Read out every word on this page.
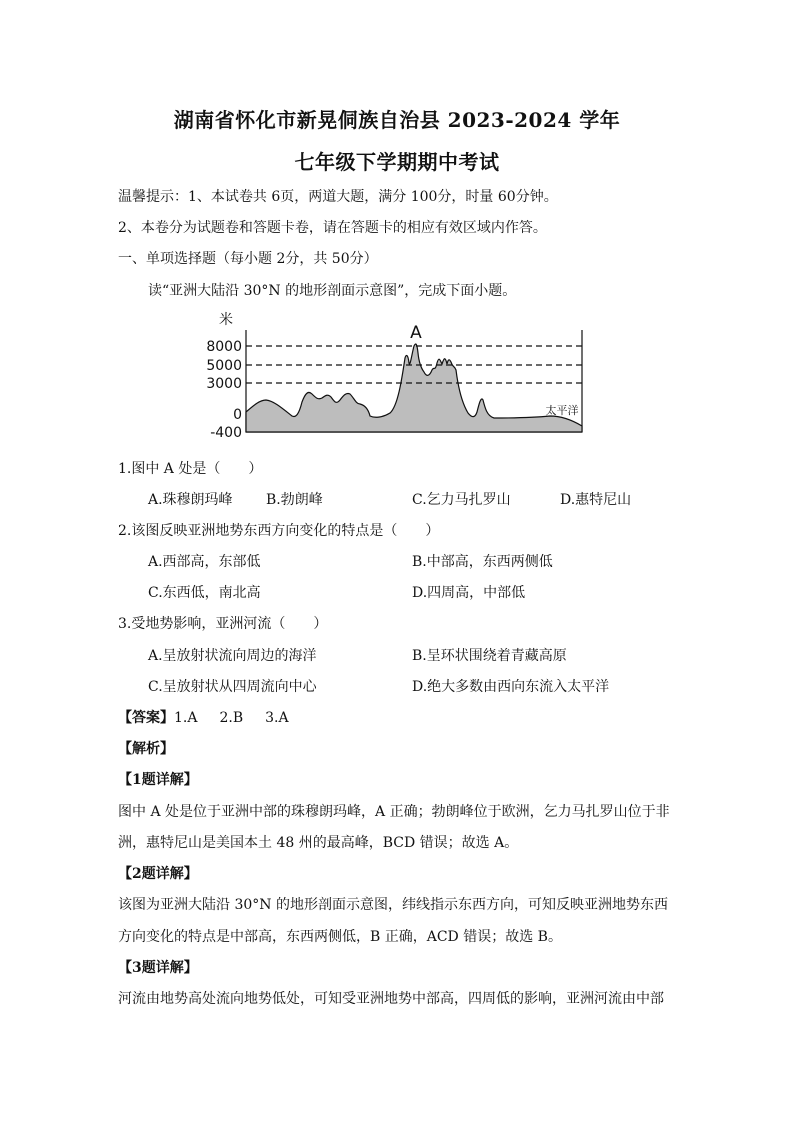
湖南省怀化市新晃侗族自治县 2023-2024 学年
七年级下学期期中考试
温馨提示：1、本试卷共 6页，两道大题，满分 100分，时量 60分钟。
2、本卷分为试题卷和答题卡卷，请在答题卡的相应有效区域内作答。
一、单项选择题（每小题 2分，共 50分）
读“亚洲大陆沿 30°N 的地形剖面示意图”，完成下面小题。
米
8000
5000
3000
0
-400
A
太平洋
1.图中 A 处是（　　）
A.珠穆朗玛峰 B.勃朗峰	C.乞力马扎罗山	D.惠特尼山
2.该图反映亚洲地势东西方向变化的特点是（　　）
A.西部高，东部低	B.中部高，东西两侧低
C.东西低，南北高	D.四周高，中部低
3.受地势影响，亚洲河流（　　）
A.呈放射状流向周边的海洋	B.呈环状围绕着青藏高原
C.呈放射状从四周流向中心	D.绝大多数由西向东流入太平洋
【答案】1.A 2.B 3.A
【解析】
【1题详解】
图中 A 处是位于亚洲中部的珠穆朗玛峰，A 正确；勃朗峰位于欧洲，乞力马扎罗山位于非
洲，惠特尼山是美国本土 48 州的最高峰，BCD 错误；故选 A。
【2题详解】
该图为亚洲大陆沿 30°N 的地形剖面示意图，纬线指示东西方向，可知反映亚洲地势东西
方向变化的特点是中部高，东西两侧低，B 正确，ACD 错误；故选 B。
【3题详解】
河流由地势高处流向地势低处，可知受亚洲地势中部高，四周低的影响，亚洲河流由中部
